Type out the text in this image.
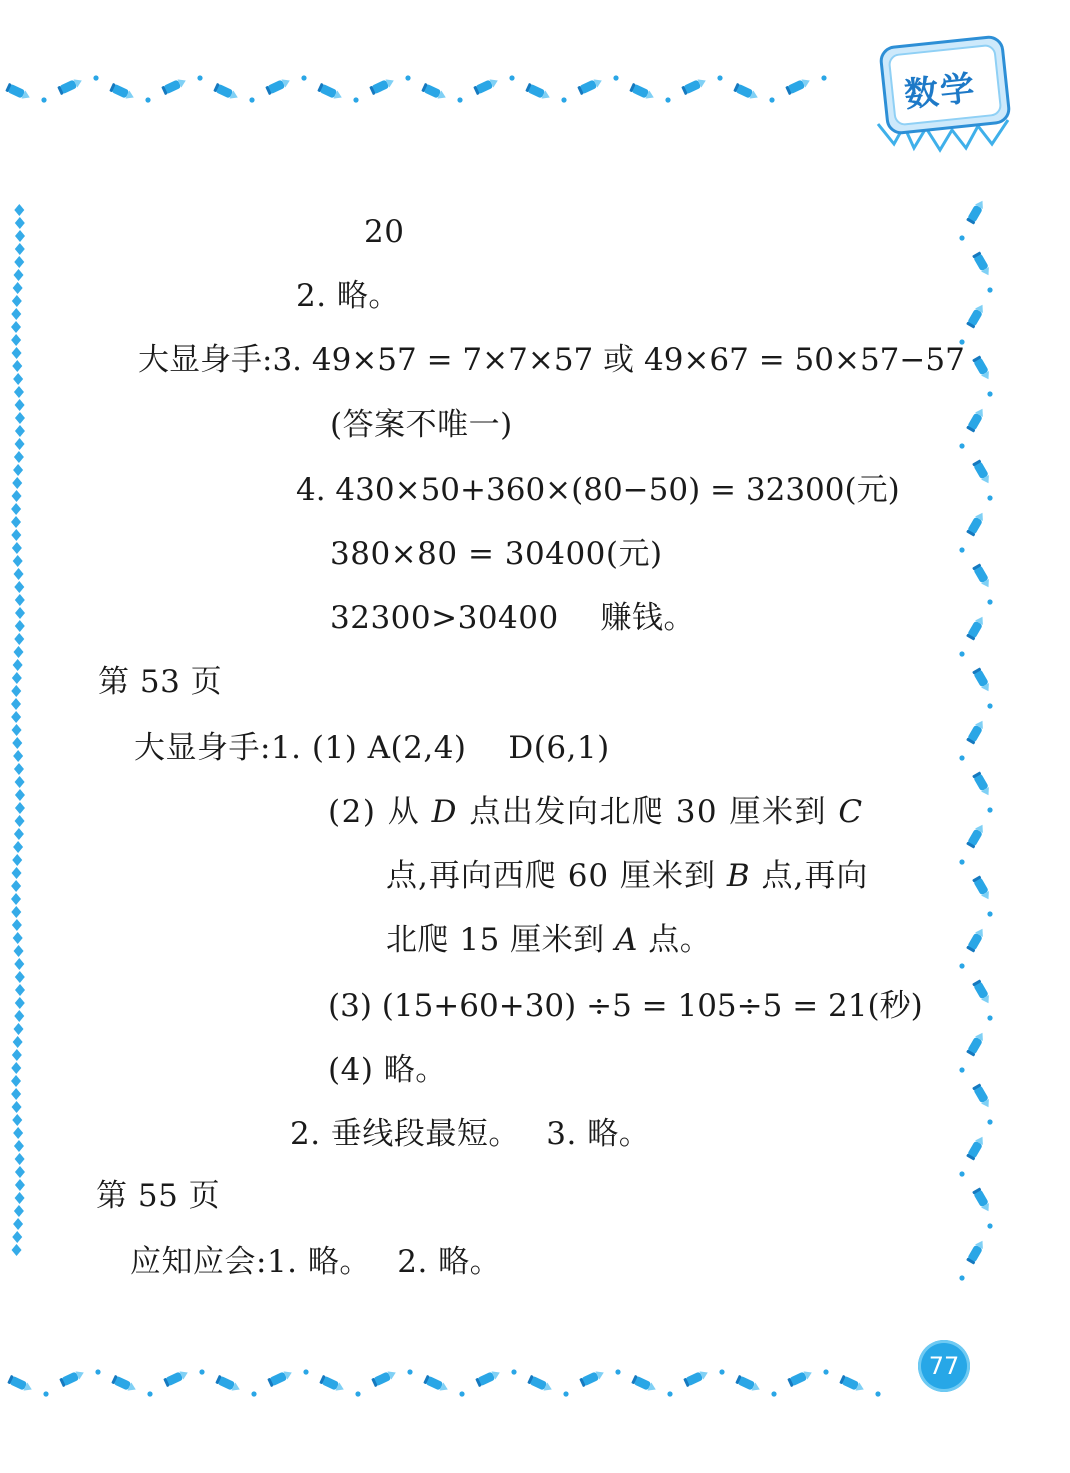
数学
20
2. 略。
大显身手:3. 49×57 = 7×7×57 或 49×67 = 50×57−57
(答案不唯一)
4. 430×50+360×(80−50) = 32300(元)
380×80 = 30400(元)
32300>30400　 赚钱。
第 53 页
大显身手:1. (1) A(2,4)　 D(6,1)
(2) 从 D 点出发向北爬 30 厘米到 C
点,再向西爬 60 厘米到 B 点,再向
北爬 15 厘米到 A 点。
(3) (15+60+30) ÷5 = 105÷5 = 21(秒)
(4) 略。
2. 垂线段最短。　 3. 略。
第 55 页
应知应会:1. 略。　 2. 略。
77
